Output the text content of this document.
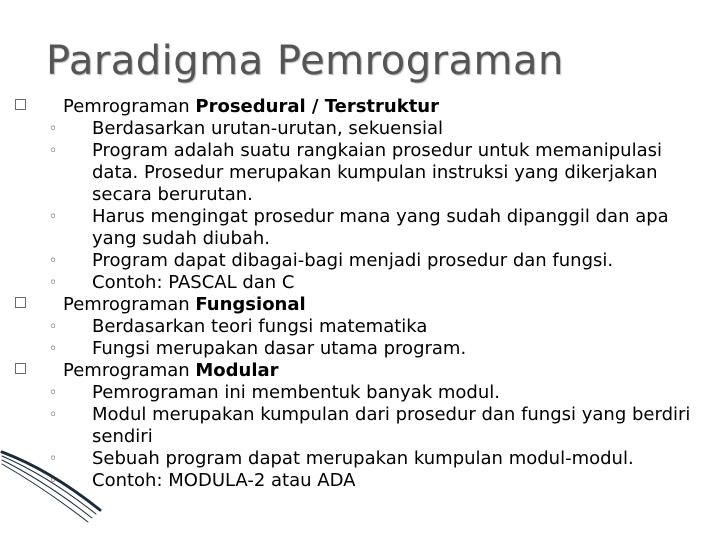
Paradigma Pemrograman
Pemrograman Prosedural / Terstruktur
◦ Berdasarkan urutan-urutan, sekuensial
◦ Program adalah suatu rangkaian prosedur untuk memanipulasi data. Prosedur merupakan kumpulan instruksi yang dikerjakan secara berurutan.
◦ Harus mengingat prosedur mana yang sudah dipanggil dan apa yang sudah diubah.
◦ Program dapat dibagai-bagi menjadi prosedur dan fungsi.
◦ Contoh: PASCAL dan C
Pemrograman Fungsional
◦ Berdasarkan teori fungsi matematika
◦ Fungsi merupakan dasar utama program.
Pemrograman Modular
◦ Pemrograman ini membentuk banyak modul.
◦ Modul merupakan kumpulan dari prosedur dan fungsi yang berdiri sendiri
◦ Sebuah program dapat merupakan kumpulan modul-modul.
◦ Contoh: MODULA-2 atau ADA
